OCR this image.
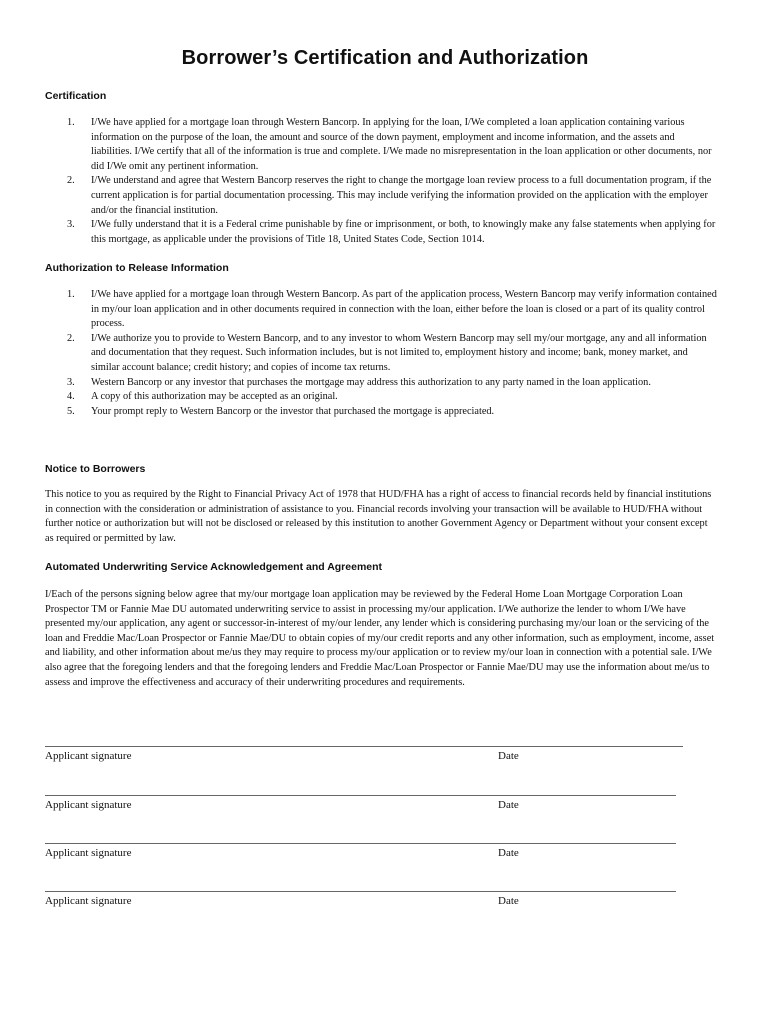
Borrower’s Certification and Authorization
Certification
1. I/We have applied for a mortgage loan through Western Bancorp. In applying for the loan, I/We completed a loan application containing various information on the purpose of the loan, the amount and source of the down payment, employment and income information, and the assets and liabilities. I/We certify that all of the information is true and complete. I/We made no misrepresentation in the loan application or other documents, nor did I/We omit any pertinent information.
2. I/We understand and agree that Western Bancorp reserves the right to change the mortgage loan review process to a full documentation program, if the current application is for partial documentation processing. This may include verifying the information provided on the application with the employer and/or the financial institution.
3. I/We fully understand that it is a Federal crime punishable by fine or imprisonment, or both, to knowingly make any false statements when applying for this mortgage, as applicable under the provisions of Title 18, United States Code, Section 1014.
Authorization to Release Information
1. I/We have applied for a mortgage loan through Western Bancorp. As part of the application process, Western Bancorp may verify information contained in my/our loan application and in other documents required in connection with the loan, either before the loan is closed or a part of its quality control process.
2. I/We authorize you to provide to Western Bancorp, and to any investor to whom Western Bancorp may sell my/our mortgage, any and all information and documentation that they request. Such information includes, but is not limited to, employment history and income; bank, money market, and similar account balance; credit history; and copies of income tax returns.
3. Western Bancorp or any investor that purchases the mortgage may address this authorization to any party named in the loan application.
4. A copy of this authorization may be accepted as an original.
5. Your prompt reply to Western Bancorp or the investor that purchased the mortgage is appreciated.
Notice to Borrowers

This notice to you as required by the Right to Financial Privacy Act of 1978 that HUD/FHA has a right of access to financial records held by financial institutions in connection with the consideration or administration of assistance to you. Financial records involving your transaction will be available to HUD/FHA without further notice or authorization but will not be disclosed or released by this institution to another Government Agency or Department without your consent except as required or permitted by law.

Automated Underwriting Service Acknowledgement and Agreement

I/Each of the persons signing below agree that my/our mortgage loan application may be reviewed by the Federal Home Loan Mortgage Corporation Loan Prospector TM or Fannie Mae DU automated underwriting service to assist in processing my/our application. I/We authorize the lender to whom I/We have presented my/our application, any agent or successor-in-interest of my/our lender, any lender which is considering purchasing my/our loan or the servicing of the loan and Freddie Mac/Loan Prospector or Fannie Mae/DU to obtain copies of my/our credit reports and any other information, such as employment, income, asset and liability, and other information about me/us they may require to process my/our application or to review my/our loan in connection with a potential sale. I/We also agree that the foregoing lenders and that the foregoing lenders and Freddie Mac/Loan Prospector or Fannie Mae/DU may use the information about me/us to assess and improve the effectiveness and accuracy of their underwriting procedures and requirements.

Applicant signature	Date
Applicant signature	Date
Applicant signature	Date
Applicant signature	Date
